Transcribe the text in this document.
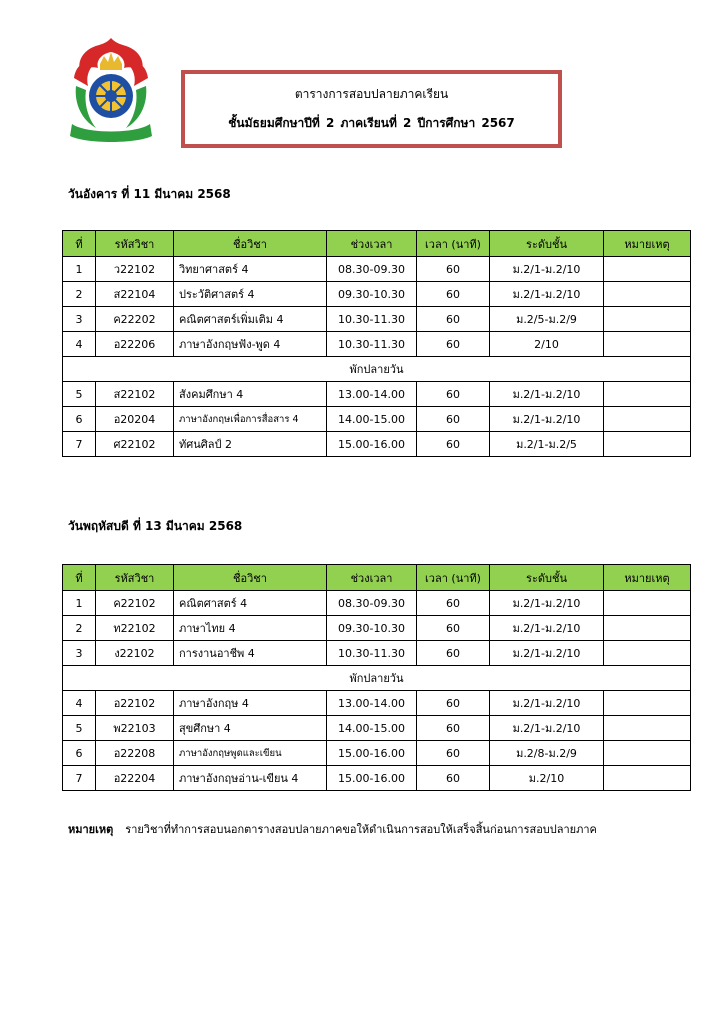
ตารางการสอบปลายภาคเรียน
ชั้นมัธยมศึกษาปีที่ 2 ภาคเรียนที่ 2 ปีการศึกษา 2567
วันอังคาร ที่ 11 มีนาคม 2568
ที่	รหัสวิชา	ชื่อวิชา	ช่วงเวลา	เวลา (นาที)	ระดับชั้น	หมายเหตุ
1	ว22102	วิทยาศาสตร์ 4	08.30-09.30	60	ม.2/1-ม.2/10	
2	ส22104	ประวัติศาสตร์ 4	09.30-10.30	60	ม.2/1-ม.2/10	
3	ค22202	คณิตศาสตร์เพิ่มเติม 4	10.30-11.30	60	ม.2/5-ม.2/9	
4	อ22206	ภาษาอังกฤษฟัง-พูด 4	10.30-11.30	60	2/10	
พักปลายวัน						
5	ส22102	สังคมศึกษา 4	13.00-14.00	60	ม.2/1-ม.2/10	
6	อ20204	ภาษาอังกฤษเพื่อการสื่อสาร 4	14.00-15.00	60	ม.2/1-ม.2/10	
7	ศ22102	ทัศนศิลป์ 2	15.00-16.00	60	ม.2/1-ม.2/5	
วันพฤหัสบดี ที่ 13 มีนาคม 2568
ที่	รหัสวิชา	ชื่อวิชา	ช่วงเวลา	เวลา (นาที)	ระดับชั้น	หมายเหตุ
1	ค22102	คณิตศาสตร์ 4	08.30-09.30	60	ม.2/1-ม.2/10	
2	ท22102	ภาษาไทย 4	09.30-10.30	60	ม.2/1-ม.2/10	
3	ง22102	การงานอาชีพ 4	10.30-11.30	60	ม.2/1-ม.2/10	
พักปลายวัน						
4	อ22102	ภาษาอังกฤษ 4	13.00-14.00	60	ม.2/1-ม.2/10	
5	พ22103	สุขศึกษา 4	14.00-15.00	60	ม.2/1-ม.2/10	
6	อ22208	ภาษาอังกฤษพูดและเขียน	15.00-16.00	60	ม.2/8-ม.2/9	
7	อ22204	ภาษาอังกฤษอ่าน-เขียน 4	15.00-16.00	60	ม.2/10	
หมายเหตุ รายวิชาที่ทำการสอบนอกตารางสอบปลายภาคขอให้ดำเนินการสอบให้เสร็จสิ้นก่อนการสอบปลายภาค
